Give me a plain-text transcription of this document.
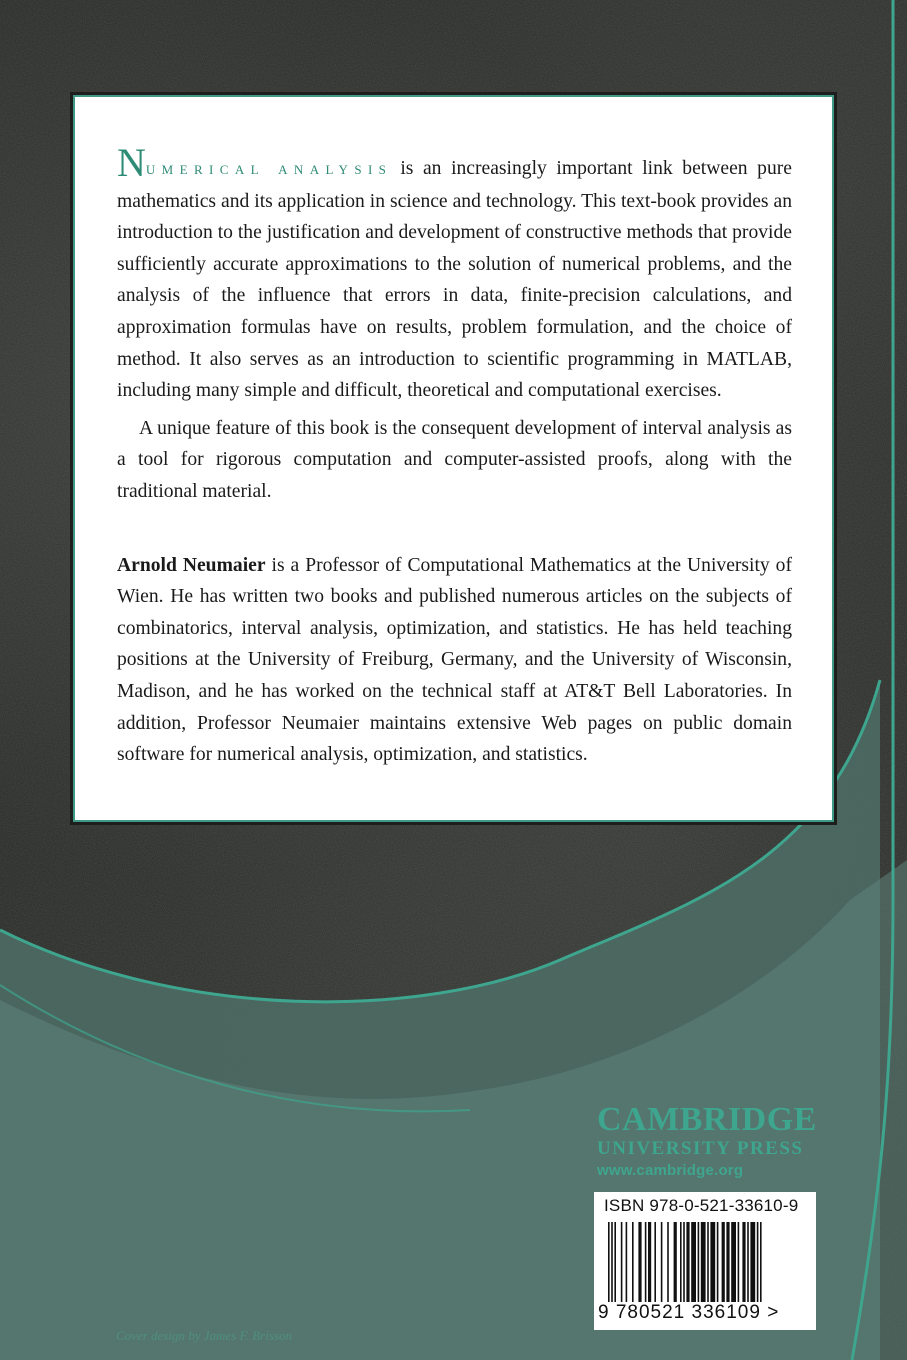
NUMERICAL ANALYSIS is an increasingly important link between pure mathematics and its application in science and technology. This text-book provides an introduction to the justification and development of constructive methods that provide sufficiently accurate approximations to the solution of numerical problems, and the analysis of the influence that errors in data, finite-precision calculations, and approximation formulas have on results, problem formulation, and the choice of method. It also serves as an introduction to scientific programming in MATLAB, including many simple and difficult, theoretical and computational exercises.

A unique feature of this book is the consequent development of interval analysis as a tool for rigorous computation and computer-assisted proofs, along with the traditional material.

Arnold Neumaier is a Professor of Computational Mathematics at the University of Wien. He has written two books and published numerous articles on the subjects of combinatorics, interval analysis, optimization, and statistics. He has held teaching positions at the University of Freiburg, Germany, and the University of Wisconsin, Madison, and he has worked on the technical staff at AT&T Bell Laboratories. In addition, Professor Neumaier maintains extensive Web pages on public domain software for numerical analysis, optimization, and statistics.

CAMBRIDGE
UNIVERSITY PRESS
www.cambridge.org
ISBN 978-0-521-33610-9
9 780521 336109 >
Cover design by James F. Brisson
